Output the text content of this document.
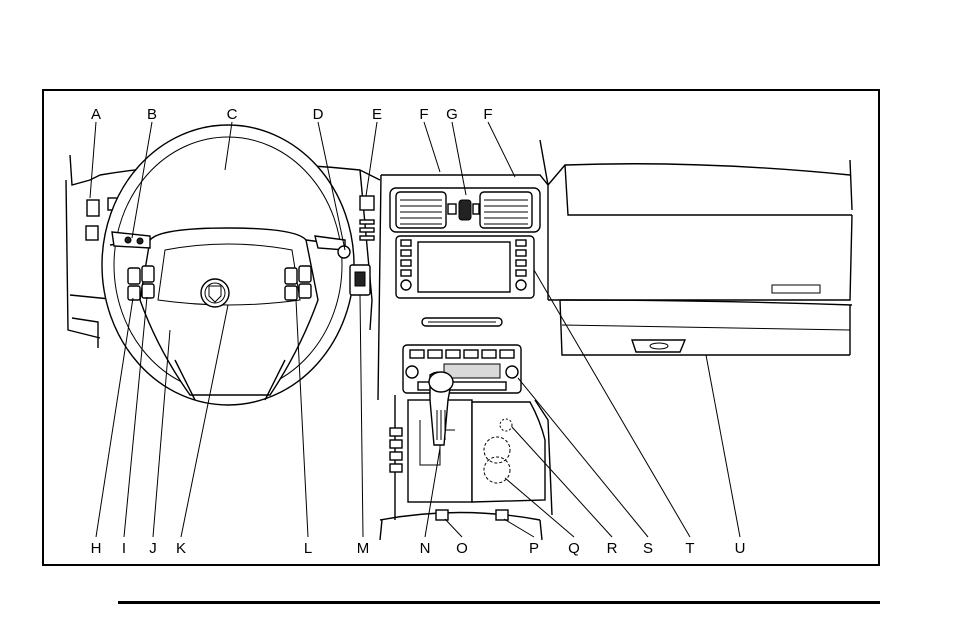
A	B	C	D	E F G F
H I J K	L	M	N O	P Q R S T	U
